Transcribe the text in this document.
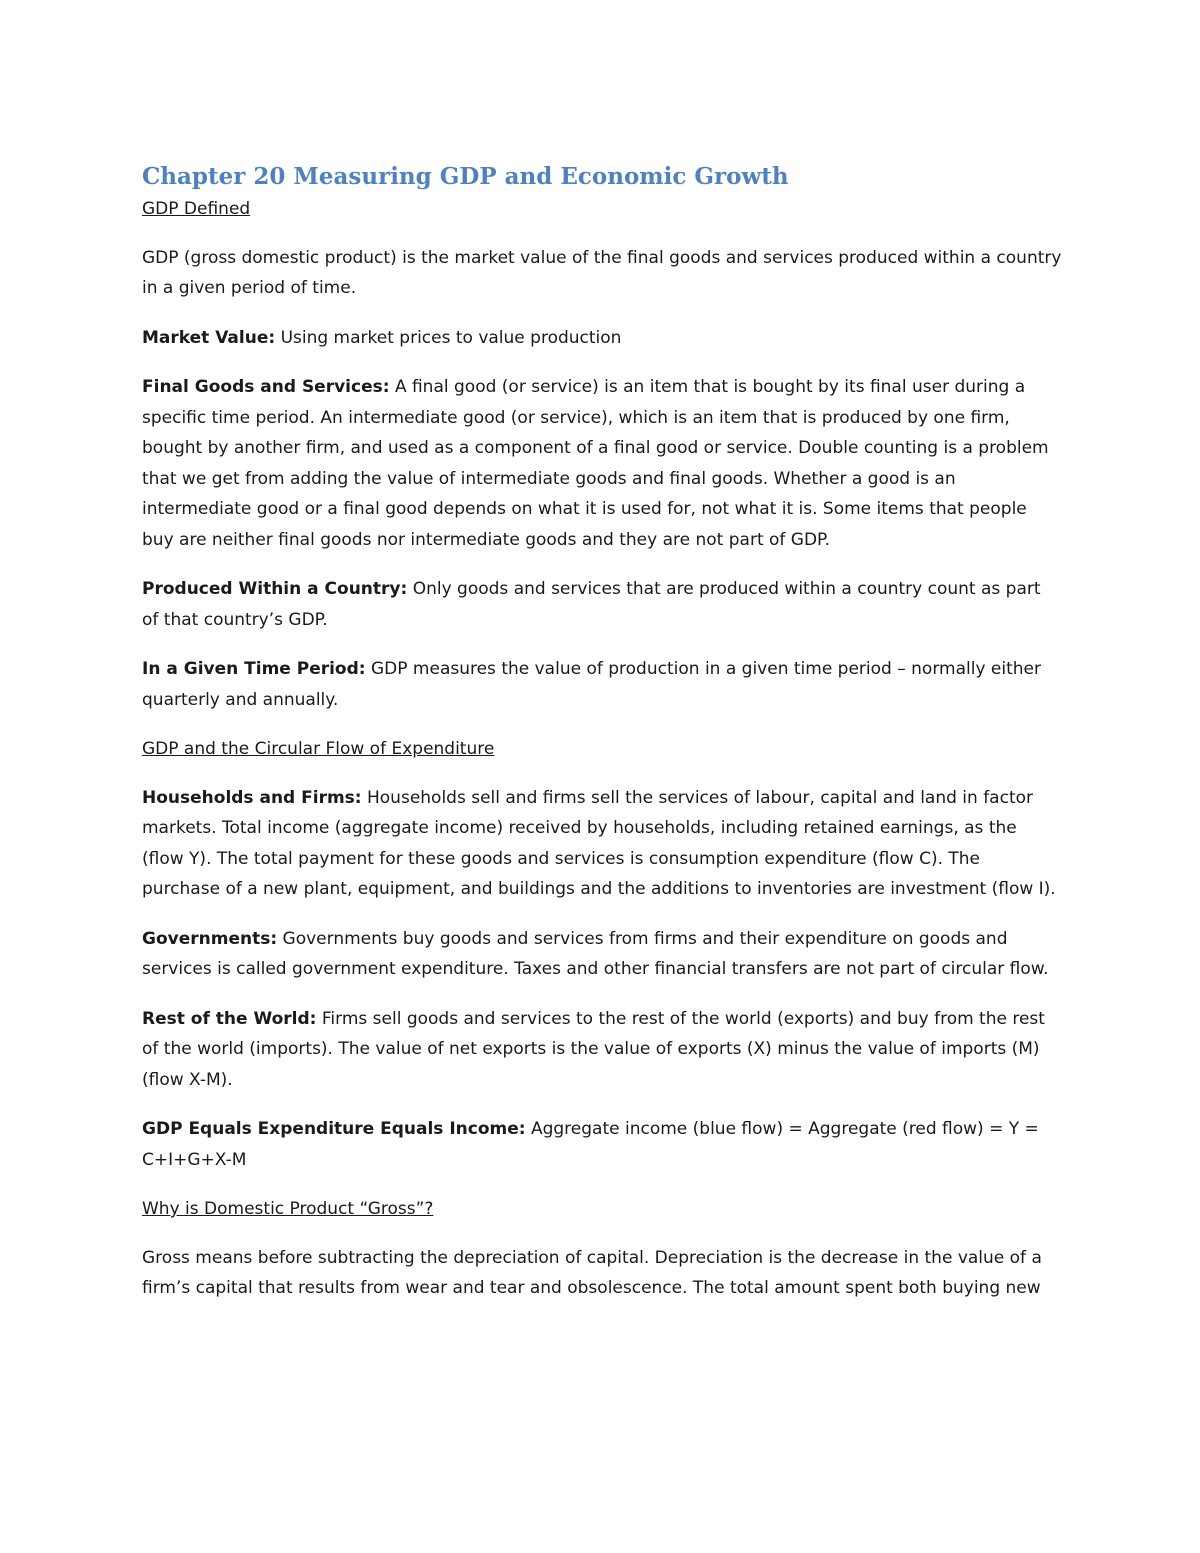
Chapter 20 Measuring GDP and Economic Growth
GDP Defined

GDP (gross domestic product) is the market value of the final goods and services produced within a country in a given period of time.

Market Value: Using market prices to value production

Final Goods and Services: A final good (or service) is an item that is bought by its final user during a specific time period. An intermediate good (or service), which is an item that is produced by one firm, bought by another firm, and used as a component of a final good or service. Double counting is a problem that we get from adding the value of intermediate goods and final goods. Whether a good is an intermediate good or a final good depends on what it is used for, not what it is. Some items that people buy are neither final goods nor intermediate goods and they are not part of GDP.

Produced Within a Country: Only goods and services that are produced within a country count as part of that country’s GDP.

In a Given Time Period: GDP measures the value of production in a given time period – normally either quarterly and annually.

GDP and the Circular Flow of Expenditure

Households and Firms: Households sell and firms sell the services of labour, capital and land in factor markets. Total income (aggregate income) received by households, including retained earnings, as the (flow Y). The total payment for these goods and services is consumption expenditure (flow C). The purchase of a new plant, equipment, and buildings and the additions to inventories are investment (flow I).

Governments: Governments buy goods and services from firms and their expenditure on goods and services is called government expenditure. Taxes and other financial transfers are not part of circular flow.

Rest of the World: Firms sell goods and services to the rest of the world (exports) and buy from the rest of the world (imports). The value of net exports is the value of exports (X) minus the value of imports (M) (flow X-M).

GDP Equals Expenditure Equals Income: Aggregate income (blue flow) = Aggregate (red flow) = Y = C+I+G+X-M

Why is Domestic Product “Gross”?

Gross means before subtracting the depreciation of capital. Depreciation is the decrease in the value of a firm’s capital that results from wear and tear and obsolescence. The total amount spent both buying new
